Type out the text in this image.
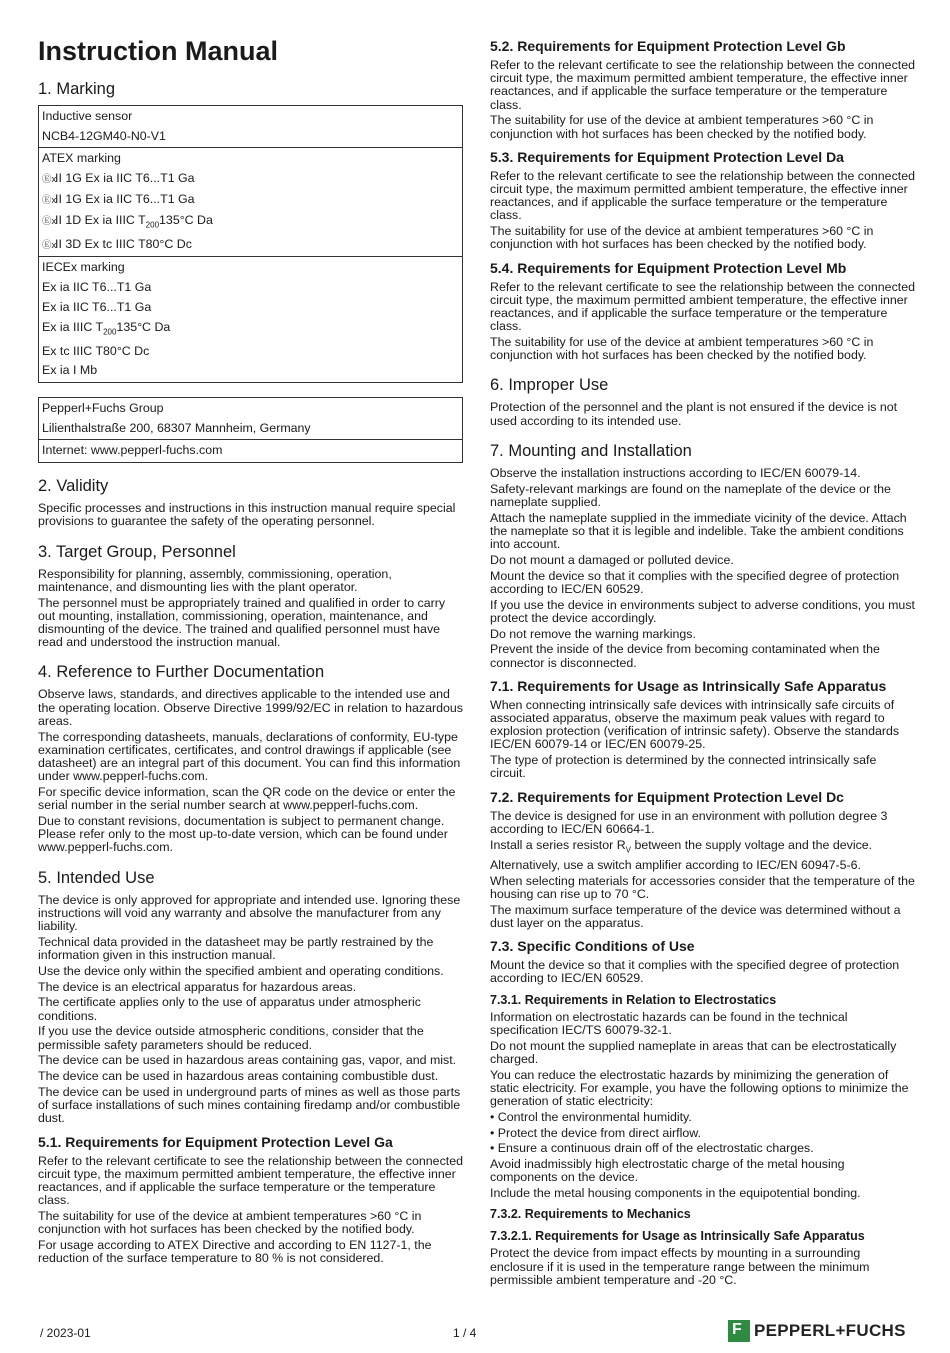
Instruction Manual
1. Marking
Inductive sensor
NCB4-12GM40-N0-V1
ATEX marking
ⒺxII 1G Ex ia IIC T6...T1 Ga
ⒺxII 1G Ex ia IIC T6...T1 Ga
ⒺxII 1D Ex ia IIIC $T_{200}135^\circ C$ Da
ⒺxII 3D Ex tc IIIC T80°C Dc
IECEx marking
Ex ia IIC T6...T1 Ga
Ex ia IIC T6...T1 Ga
Ex ia IIIC $T_{200}135^\circ C$ Da
Ex tc IIIC T80°C Dc
Ex ia I Mb
Pepperl+Fuchs Group
Lilienthalstraße 200, 68307 Mannheim, Germany
Internet: www.pepperl-fuchs.com
2. Validity

Specific processes and instructions in this instruction manual require special provisions to guarantee the safety of the operating personnel.

3. Target Group, Personnel

Responsibility for planning, assembly, commissioning, operation, maintenance, and dismounting lies with the plant operator.

The personnel must be appropriately trained and qualified in order to carry out mounting, installation, commissioning, operation, maintenance, and dismounting of the device. The trained and qualified personnel must have read and understood the instruction manual.

4. Reference to Further Documentation

Observe laws, standards, and directives applicable to the intended use and the operating location. Observe Directive 1999/92/EC in relation to hazardous areas.

The corresponding datasheets, manuals, declarations of conformity, EU-type examination certificates, certificates, and control drawings if applicable (see datasheet) are an integral part of this document. You can find this information under www.pepperl-fuchs.com.

For specific device information, scan the QR code on the device or enter the serial number in the serial number search at www.pepperl-fuchs.com.

Due to constant revisions, documentation is subject to permanent change. Please refer only to the most up-to-date version, which can be found under www.pepperl-fuchs.com.

5. Intended Use

The device is only approved for appropriate and intended use. Ignoring these instructions will void any warranty and absolve the manufacturer from any liability.

Technical data provided in the datasheet may be partly restrained by the information given in this instruction manual.

Use the device only within the specified ambient and operating conditions.

The device is an electrical apparatus for hazardous areas.

The certificate applies only to the use of apparatus under atmospheric conditions.

If you use the device outside atmospheric conditions, consider that the permissible safety parameters should be reduced.

The device can be used in hazardous areas containing gas, vapor, and mist.

The device can be used in hazardous areas containing combustible dust.

The device can be used in underground parts of mines as well as those parts of surface installations of such mines containing firedamp and/or combustible dust.

5.1. Requirements for Equipment Protection Level Ga

Refer to the relevant certificate to see the relationship between the connected circuit type, the maximum permitted ambient temperature, the effective inner reactances, and if applicable the surface temperature or the temperature class.

The suitability for use of the device at ambient temperatures >60 °C in conjunction with hot surfaces has been checked by the notified body.

For usage according to ATEX Directive and according to EN 1127-1, the reduction of the surface temperature to 80 % is not considered.

5.2. Requirements for Equipment Protection Level Gb

Refer to the relevant certificate to see the relationship between the connected circuit type, the maximum permitted ambient temperature, the effective inner reactances, and if applicable the surface temperature or the temperature class.

The suitability for use of the device at ambient temperatures >60 °C in conjunction with hot surfaces has been checked by the notified body.

5.3. Requirements for Equipment Protection Level Da

Refer to the relevant certificate to see the relationship between the connected circuit type, the maximum permitted ambient temperature, the effective inner reactances, and if applicable the surface temperature or the temperature class.

The suitability for use of the device at ambient temperatures >60 °C in conjunction with hot surfaces has been checked by the notified body.

5.4. Requirements for Equipment Protection Level Mb

Refer to the relevant certificate to see the relationship between the connected circuit type, the maximum permitted ambient temperature, the effective inner reactances, and if applicable the surface temperature or the temperature class.

The suitability for use of the device at ambient temperatures >60 °C in conjunction with hot surfaces has been checked by the notified body.

6. Improper Use

Protection of the personnel and the plant is not ensured if the device is not used according to its intended use.

7. Mounting and Installation

Observe the installation instructions according to IEC/EN 60079-14.

Safety-relevant markings are found on the nameplate of the device or the nameplate supplied.

Attach the nameplate supplied in the immediate vicinity of the device. Attach the nameplate so that it is legible and indelible. Take the ambient conditions into account.

Do not mount a damaged or polluted device.

Mount the device so that it complies with the specified degree of protection according to IEC/EN 60529.

If you use the device in environments subject to adverse conditions, you must protect the device accordingly.

Do not remove the warning markings.

Prevent the inside of the device from becoming contaminated when the connector is disconnected.

7.1. Requirements for Usage as Intrinsically Safe Apparatus

When connecting intrinsically safe devices with intrinsically safe circuits of associated apparatus, observe the maximum peak values with regard to explosion protection (verification of intrinsic safety). Observe the standards IEC/EN 60079-14 or IEC/EN 60079-25.

The type of protection is determined by the connected intrinsically safe circuit.

7.2. Requirements for Equipment Protection Level Dc

The device is designed for use in an environment with pollution degree 3 according to IEC/EN 60664-1.

Install a series resistor $R_V$ between the supply voltage and the device.

Alternatively, use a switch amplifier according to IEC/EN 60947-5-6.

When selecting materials for accessories consider that the temperature of the housing can rise up to 70 °C.

The maximum surface temperature of the device was determined without a dust layer on the apparatus.

7.3. Specific Conditions of Use

Mount the device so that it complies with the specified degree of protection according to IEC/EN 60529.

7.3.1. Requirements in Relation to Electrostatics

Information on electrostatic hazards can be found in the technical specification IEC/TS 60079-32-1.

Do not mount the supplied nameplate in areas that can be electrostatically charged.

You can reduce the electrostatic hazards by minimizing the generation of static electricity. For example, you have the following options to minimize the generation of static electricity:

• Control the environmental humidity.

• Protect the device from direct airflow.

• Ensure a continuous drain off of the electrostatic charges.

Avoid inadmissibly high electrostatic charge of the metal housing components on the device.

Include the metal housing components in the equipotential bonding.

7.3.2. Requirements to Mechanics
7.3.2.1. Requirements for Usage as Intrinsically Safe Apparatus

Protect the device from impact effects by mounting in a surrounding enclosure if it is used in the temperature range between the minimum permissible ambient temperature and -20 °C.

/ 2023-01	1 / 4	F PEPPERL+FUCHS
